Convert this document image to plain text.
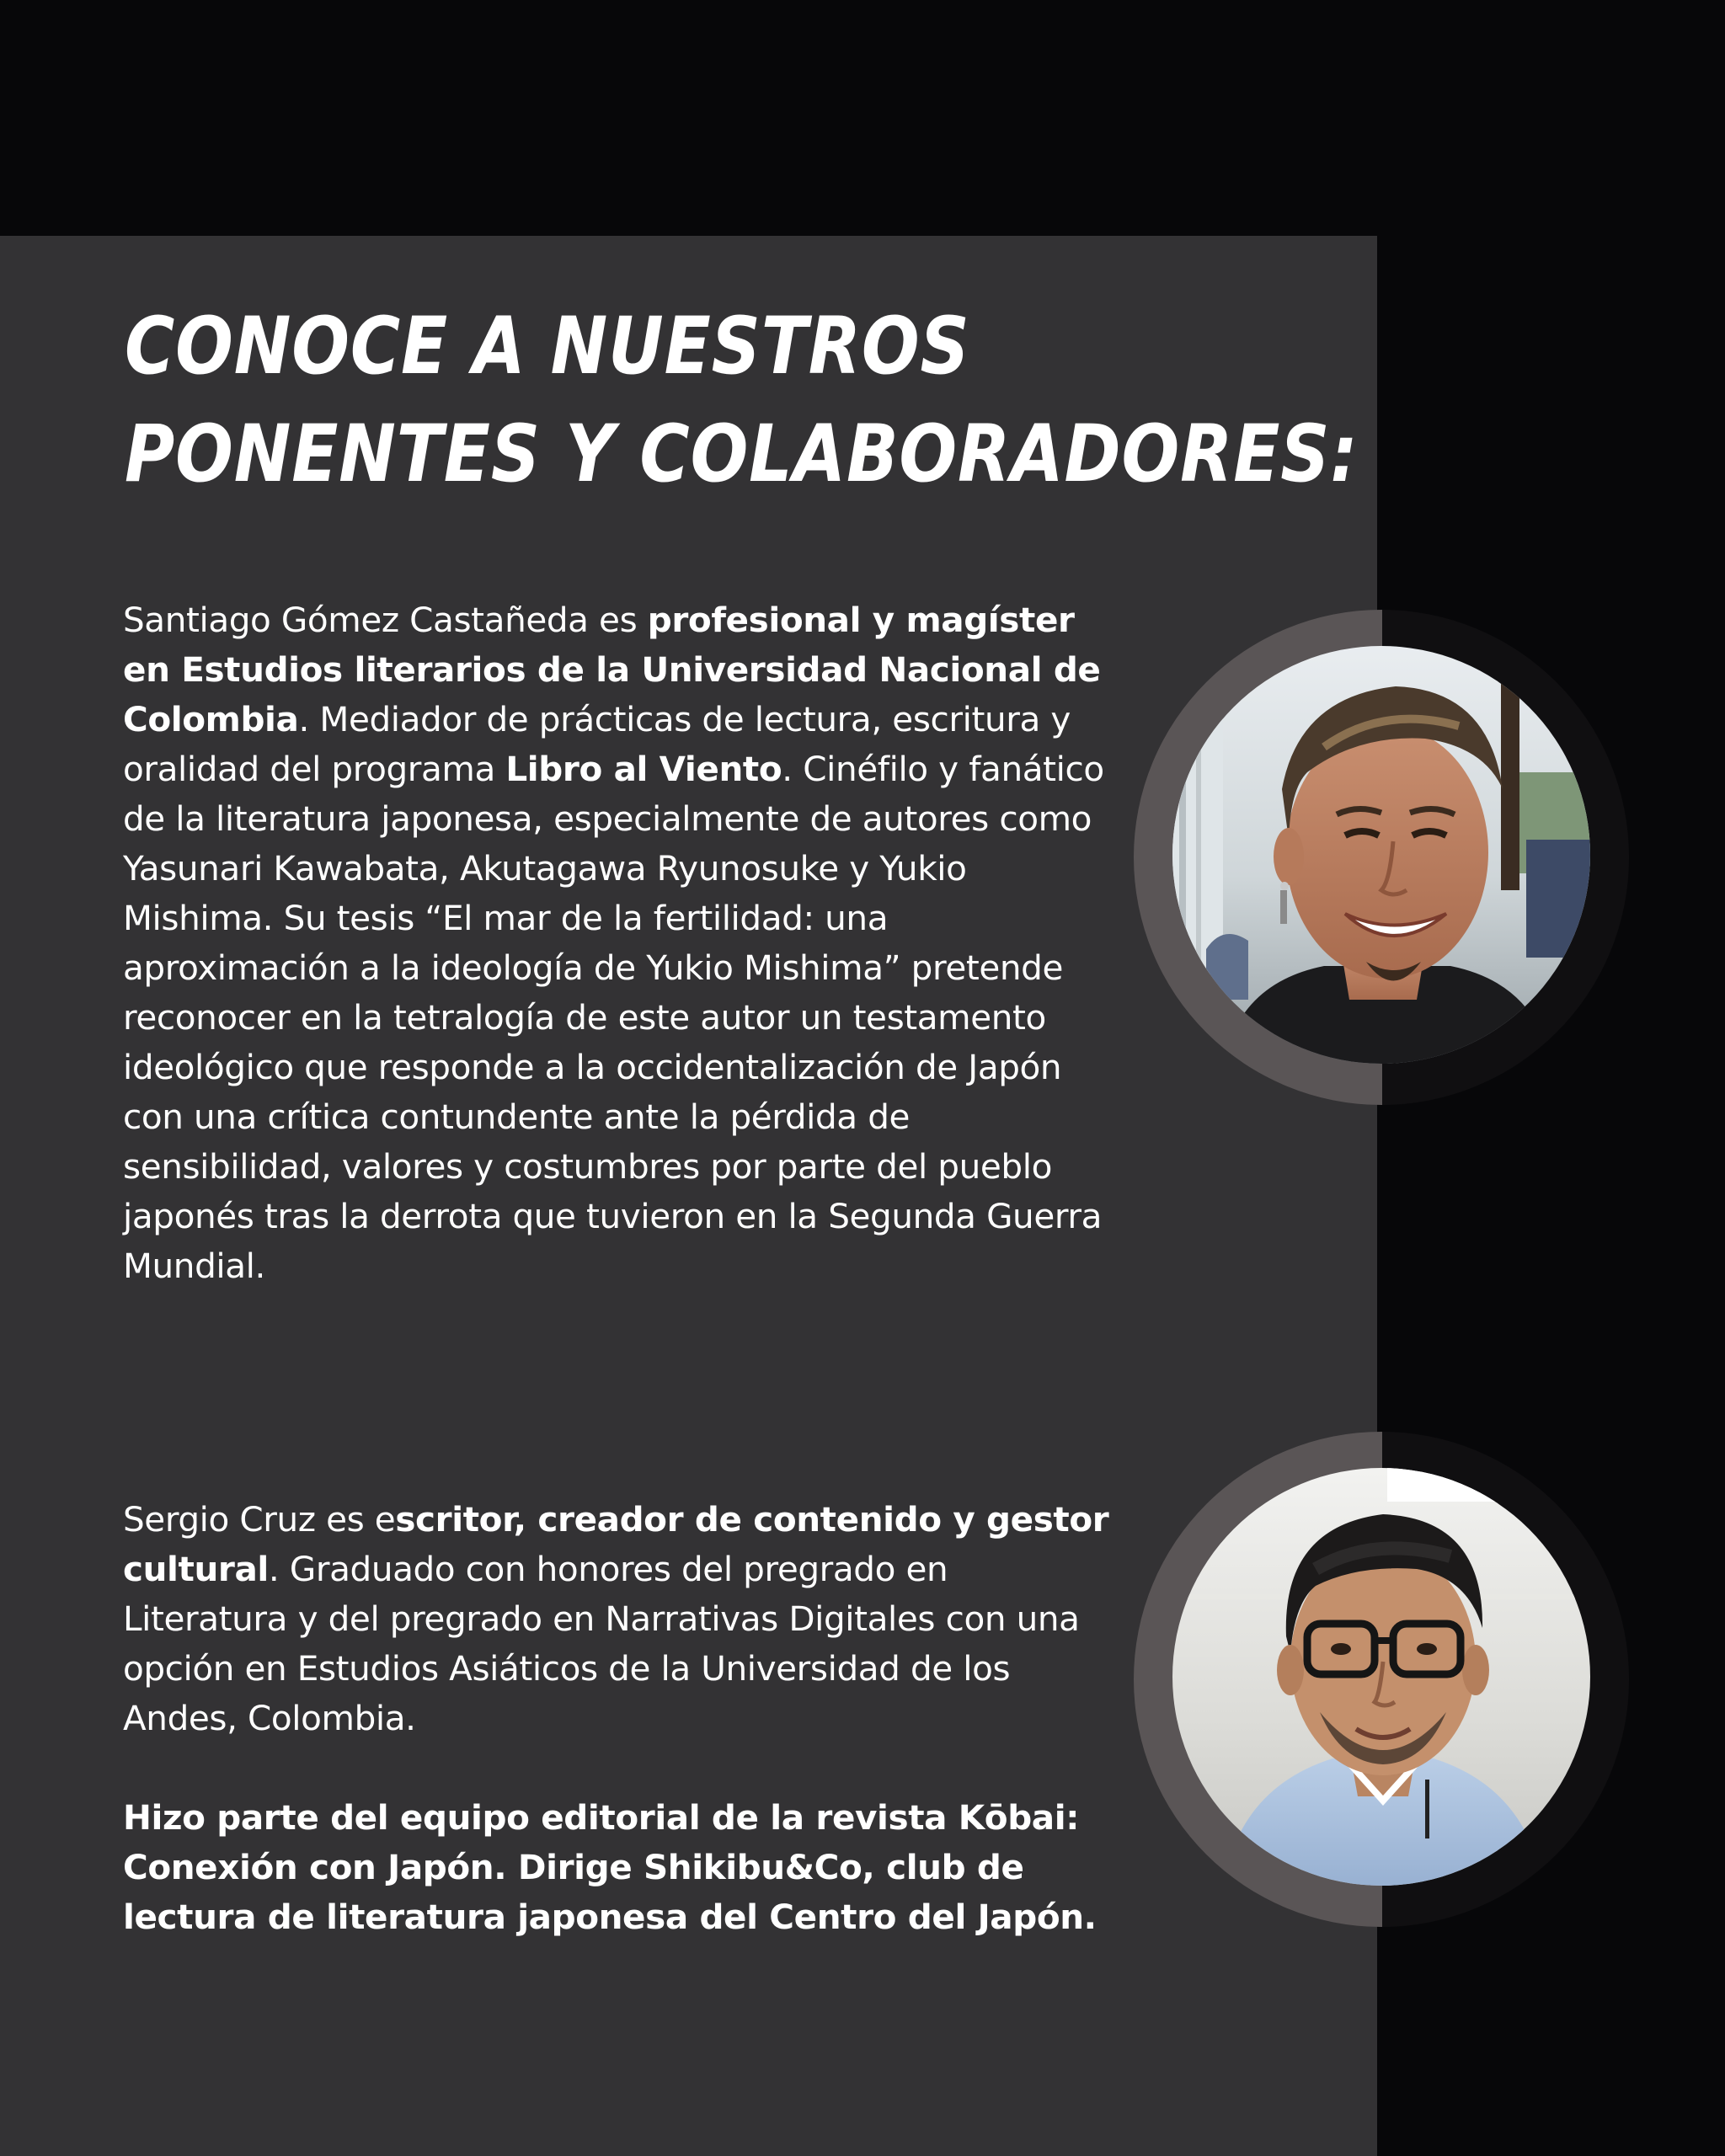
CONOCE A NUESTROS
PONENTES Y COLABORADORES:

Santiago Gómez Castañeda es profesional y magíster en Estudios literarios de la Universidad Nacional de Colombia. Mediador de prácticas de lectura, escritura y oralidad del programa Libro al Viento. Cinéfilo y fanático de la literatura japonesa, especialmente de autores como Yasunari Kawabata, Akutagawa Ryunosuke y Yukio Mishima. Su tesis “El mar de la fertilidad: una aproximación a la ideología de Yukio Mishima” pretende reconocer en la tetralogía de este autor un testamento ideológico que responde a la occidentalización de Japón con una crítica contundente ante la pérdida de sensibilidad, valores y costumbres por parte del pueblo japonés tras la derrota que tuvieron en la Segunda Guerra Mundial.

Sergio Cruz es escritor, creador de contenido y gestor cultural. Graduado con honores del pregrado en Literatura y del pregrado en Narrativas Digitales con una opción en Estudios Asiáticos de la Universidad de los Andes, Colombia.

Hizo parte del equipo editorial de la revista Kōbai: Conexión con Japón. Dirige Shikibu&Co, club de lectura de literatura japonesa del Centro del Japón.
